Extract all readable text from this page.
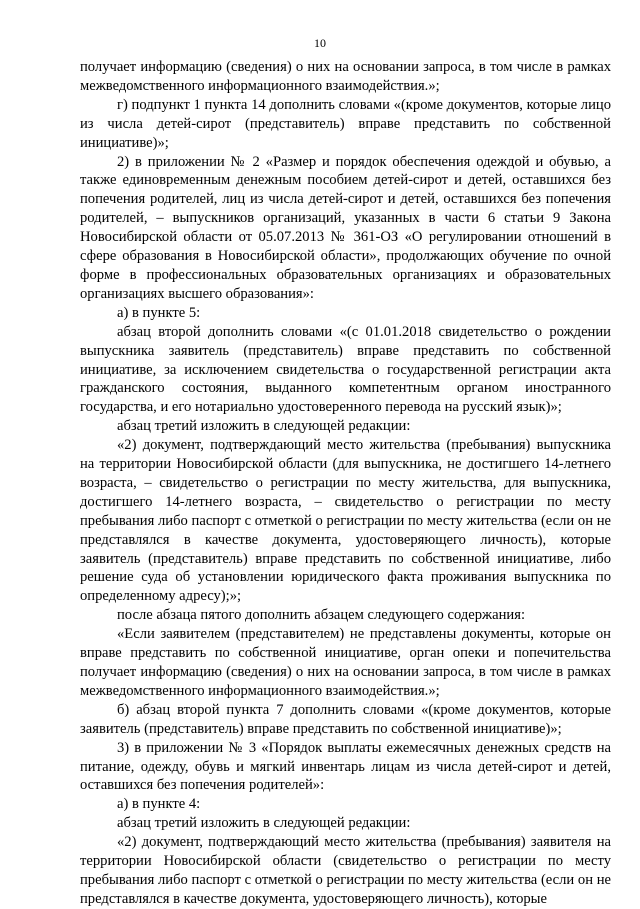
10

получает информацию (сведения) о них на основании запроса, в том числе в рамках межведомственного информационного взаимодействия.»;

г) подпункт 1 пункта 14 дополнить словами «(кроме документов, которые лицо из числа детей-сирот (представитель) вправе представить по собственной инициативе)»;

2) в приложении № 2 «Размер и порядок обеспечения одеждой и обувью, а также единовременным денежным пособием детей-сирот и детей, оставшихся без попечения родителей, лиц из числа детей-сирот и детей, оставшихся без попечения родителей, – выпускников организаций, указанных в части 6 статьи 9 Закона Новосибирской области от 05.07.2013 № 361-ОЗ «О регулировании отношений в сфере образования в Новосибирской области», продолжающих обучение по очной форме в профессиональных образовательных организациях и образовательных организациях высшего образования»:

а) в пункте 5:

абзац второй дополнить словами «(с 01.01.2018 свидетельство о рождении выпускника заявитель (представитель) вправе представить по собственной инициативе, за исключением свидетельства о государственной регистрации акта гражданского состояния, выданного компетентным органом иностранного государства, и его нотариально удостоверенного перевода на русский язык)»;

абзац третий изложить в следующей редакции:

«2) документ, подтверждающий место жительства (пребывания) выпускника на территории Новосибирской области (для выпускника, не достигшего 14-летнего возраста, – свидетельство о регистрации по месту жительства, для выпускника, достигшего 14-летнего возраста, – свидетельство о регистрации по месту пребывания либо паспорт с отметкой о регистрации по месту жительства (если он не представлялся в качестве документа, удостоверяющего личность), которые заявитель (представитель) вправе представить по собственной инициативе, либо решение суда об установлении юридического факта проживания выпускника по определенному адресу);»;

после абзаца пятого дополнить абзацем следующего содержания:

«Если заявителем (представителем) не представлены документы, которые он вправе представить по собственной инициативе, орган опеки и попечительства получает информацию (сведения) о них на основании запроса, в том числе в рамках межведомственного информационного взаимодействия.»;

б) абзац второй пункта 7 дополнить словами «(кроме документов, которые заявитель (представитель) вправе представить по собственной инициативе)»;

3) в приложении № 3 «Порядок выплаты ежемесячных денежных средств на питание, одежду, обувь и мягкий инвентарь лицам из числа детей-сирот и детей, оставшихся без попечения родителей»:

а) в пункте 4:

абзац третий изложить в следующей редакции:

«2) документ, подтверждающий место жительства (пребывания) заявителя на территории Новосибирской области (свидетельство о регистрации по месту пребывания либо паспорт с отметкой о регистрации по месту жительства (если он не представлялся в качестве документа, удостоверяющего личность), которые
